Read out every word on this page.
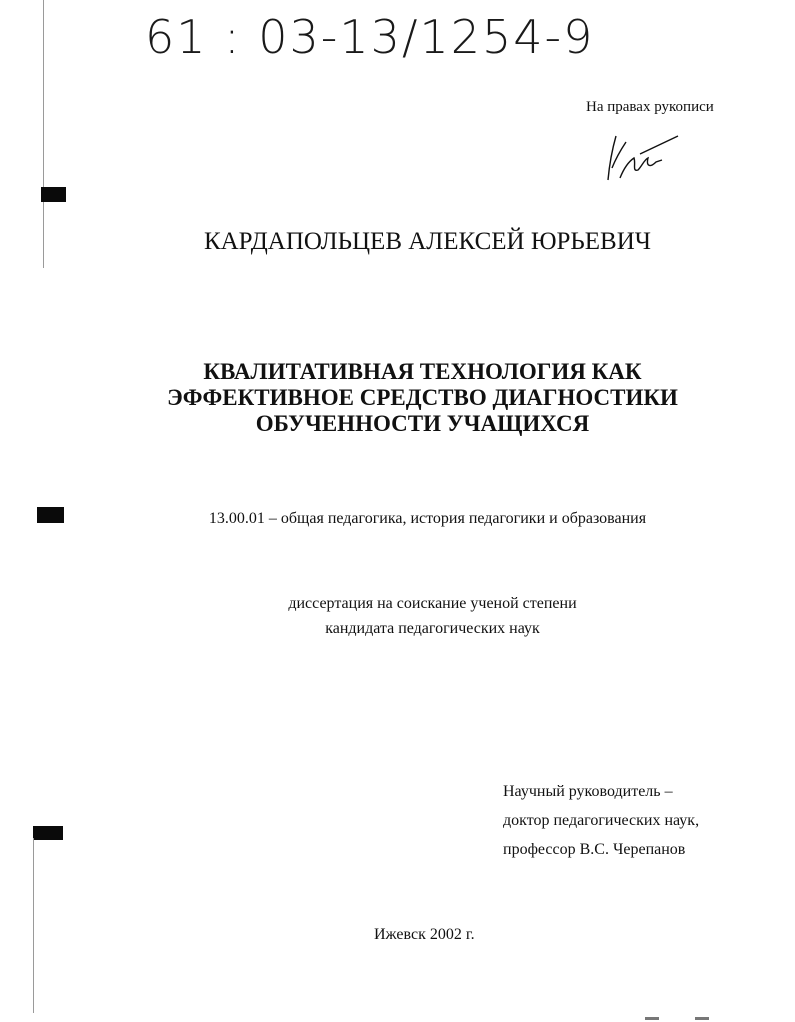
61 : 03-13/1254-9
На правах рукописи
КАРДАПОЛЬЦЕВ АЛЕКСЕЙ ЮРЬЕВИЧ
КВАЛИТАТИВНАЯ ТЕХНОЛОГИЯ КАК
ЭФФЕКТИВНОЕ СРЕДСТВО ДИАГНОСТИКИ
ОБУЧЕННОСТИ УЧАЩИХСЯ
13.00.01 – общая педагогика, история педагогики и образования
диссертация на соискание ученой степени
кандидата педагогических наук
Научный руководитель –
доктор педагогических наук,
профессор В.С. Черепанов
Ижевск 2002 г.
